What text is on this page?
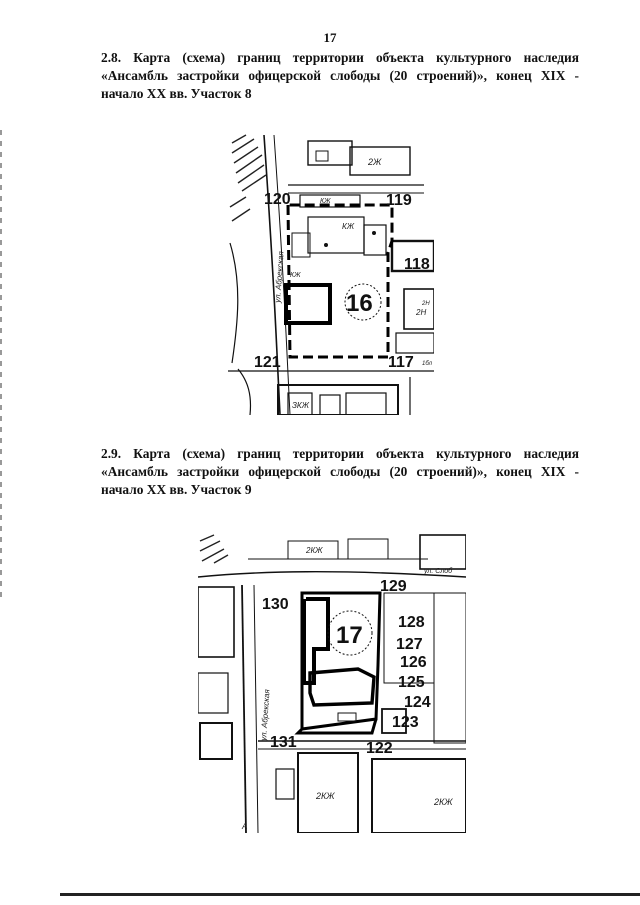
17
2.8. Карта (схема) границ территории объекта культурного наследия
«Ансамбль застройки офицерской слободы (20 строений)», конец XIX -
начало XX вв. Участок 8
2Ж
КЖ
КЖ
КЖ
2Н
ЗКЖ
ул. Абрекская
16
120	119
118
121	117
2Н
1бл
2.9. Карта (схема) границ территории объекта культурного наследия
«Ансамбль застройки офицерской слободы (20 строений)», конец XIX -
начало XX вв. Участок 9
2КЖ
2КЖ
2КЖ
ул. Абрекская
ул. Слоб
17
129
130
128
127
126
125
124
123
131	122
А
